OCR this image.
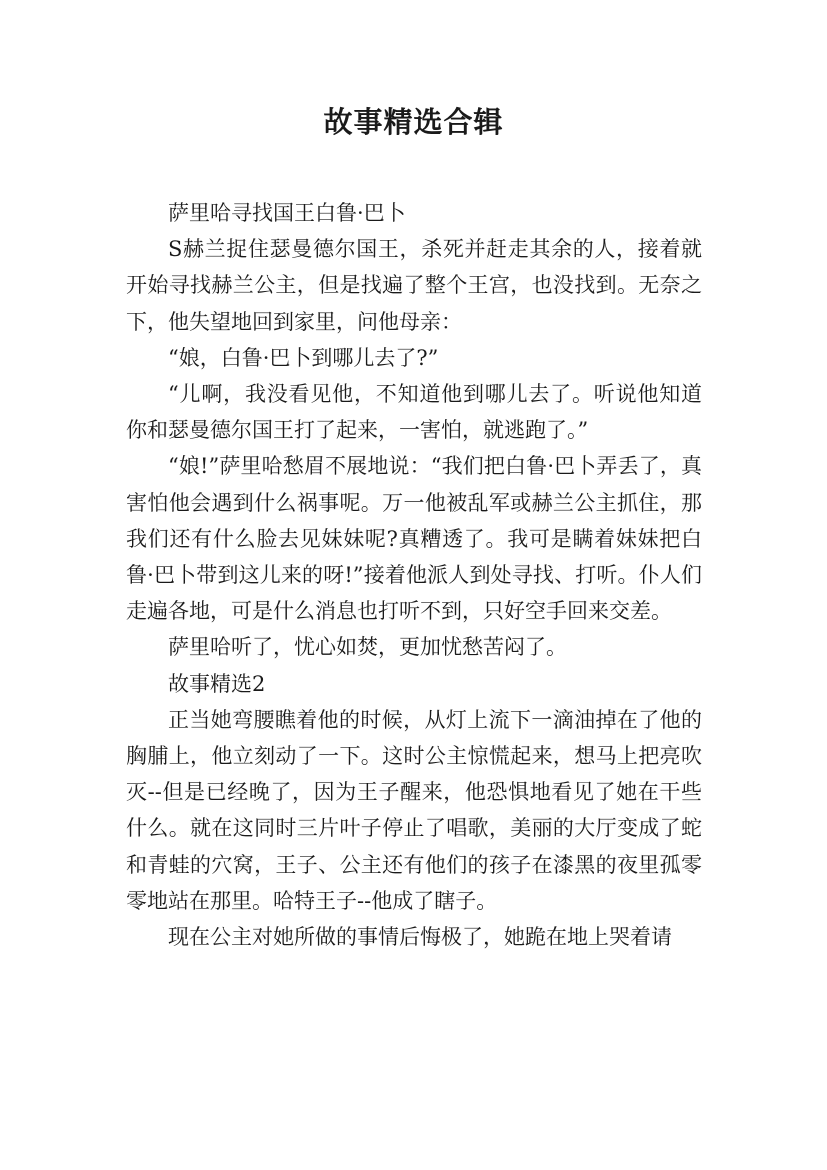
故事精选合辑

萨里哈寻找国王白鲁·巴卜

S赫兰捉住瑟曼德尔国王，杀死并赶走其余的人，接着就开始寻找赫兰公主，但是找遍了整个王宫，也没找到。无奈之下，他失望地回到家里，问他母亲：

“娘，白鲁·巴卜到哪儿去了?”

“儿啊，我没看见他，不知道他到哪儿去了。听说他知道你和瑟曼德尔国王打了起来，一害怕，就逃跑了。”

“娘!”萨里哈愁眉不展地说：“我们把白鲁·巴卜弄丢了，真害怕他会遇到什么祸事呢。万一他被乱军或赫兰公主抓住，那我们还有什么脸去见妹妹呢?真糟透了。我可是瞒着妹妹把白鲁·巴卜带到这儿来的呀!”接着他派人到处寻找、打听。仆人们走遍各地，可是什么消息也打听不到，只好空手回来交差。

萨里哈听了，忧心如焚，更加忧愁苦闷了。

故事精选2

正当她弯腰瞧着他的时候，从灯上流下一滴油掉在了他的胸脯上，他立刻动了一下。这时公主惊慌起来，想马上把亮吹灭--但是已经晚了，因为王子醒来，他恐惧地看见了她在干些什么。就在这同时三片叶子停止了唱歌，美丽的大厅变成了蛇和青蛙的穴窝，王子、公主还有他们的孩子在漆黑的夜里孤零零地站在那里。哈特王子--他成了瞎子。

现在公主对她所做的事情后悔极了，她跪在地上哭着请
